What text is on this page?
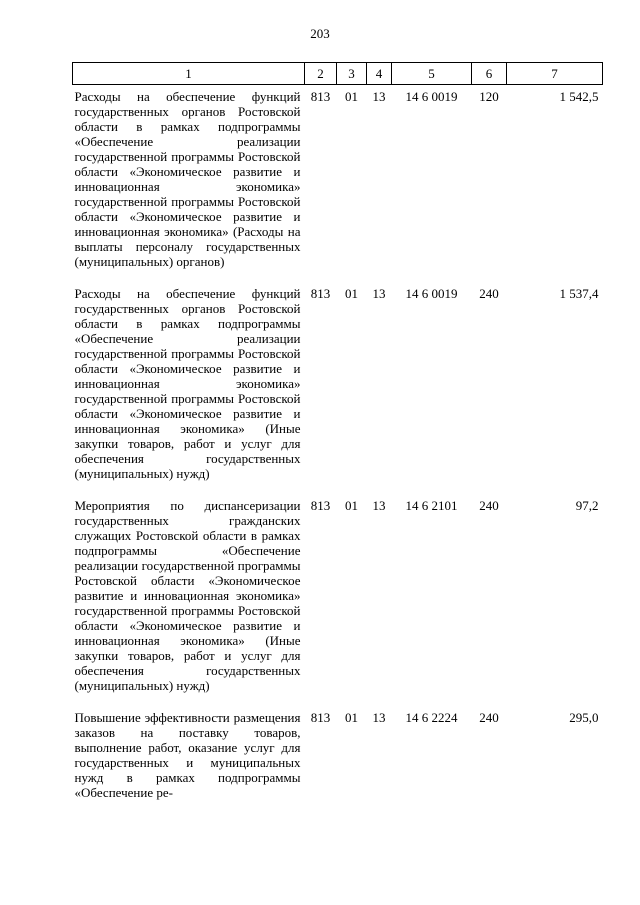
203
1	2	3	4	5	6	7
Расходы на обеспечение функций государственных органов Ростовской области в рамках подпрограммы «Обеспечение реализации государственной программы Ростовской области «Экономическое развитие и инновационная экономика» государственной программы Ростовской области «Экономическое развитие и инновационная экономика» (Расходы на выплаты персоналу государственных (муниципальных) органов)	813	01	13	14 6 0019	120	1 542,5
Расходы на обеспечение функций государственных органов Ростовской области в рамках подпрограммы «Обеспечение реализации государственной программы Ростовской области «Экономическое развитие и инновационная экономика» государственной программы Ростовской области «Экономическое развитие и инновационная экономика» (Иные закупки товаров, работ и услуг для обеспечения государственных (муниципальных) нужд)	813	01	13	14 6 0019	240	1 537,4
Мероприятия по диспансеризации государственных гражданских служащих Ростовской области в рамках подпрограммы «Обеспечение реализации государственной программы Ростовской области «Экономическое развитие и инновационная экономика» государственной программы Ростовской области «Экономическое развитие и инновационная экономика» (Иные закупки товаров, работ и услуг для обеспечения государственных (муниципальных) нужд)	813	01	13	14 6 2101	240	97,2
Повышение эффективности размещения заказов на поставку товаров, выполнение работ, оказание услуг для государственных и муниципальных нужд в рамках подпрограммы «Обеспечение ре-	813	01	13	14 6 2224	240	295,0
